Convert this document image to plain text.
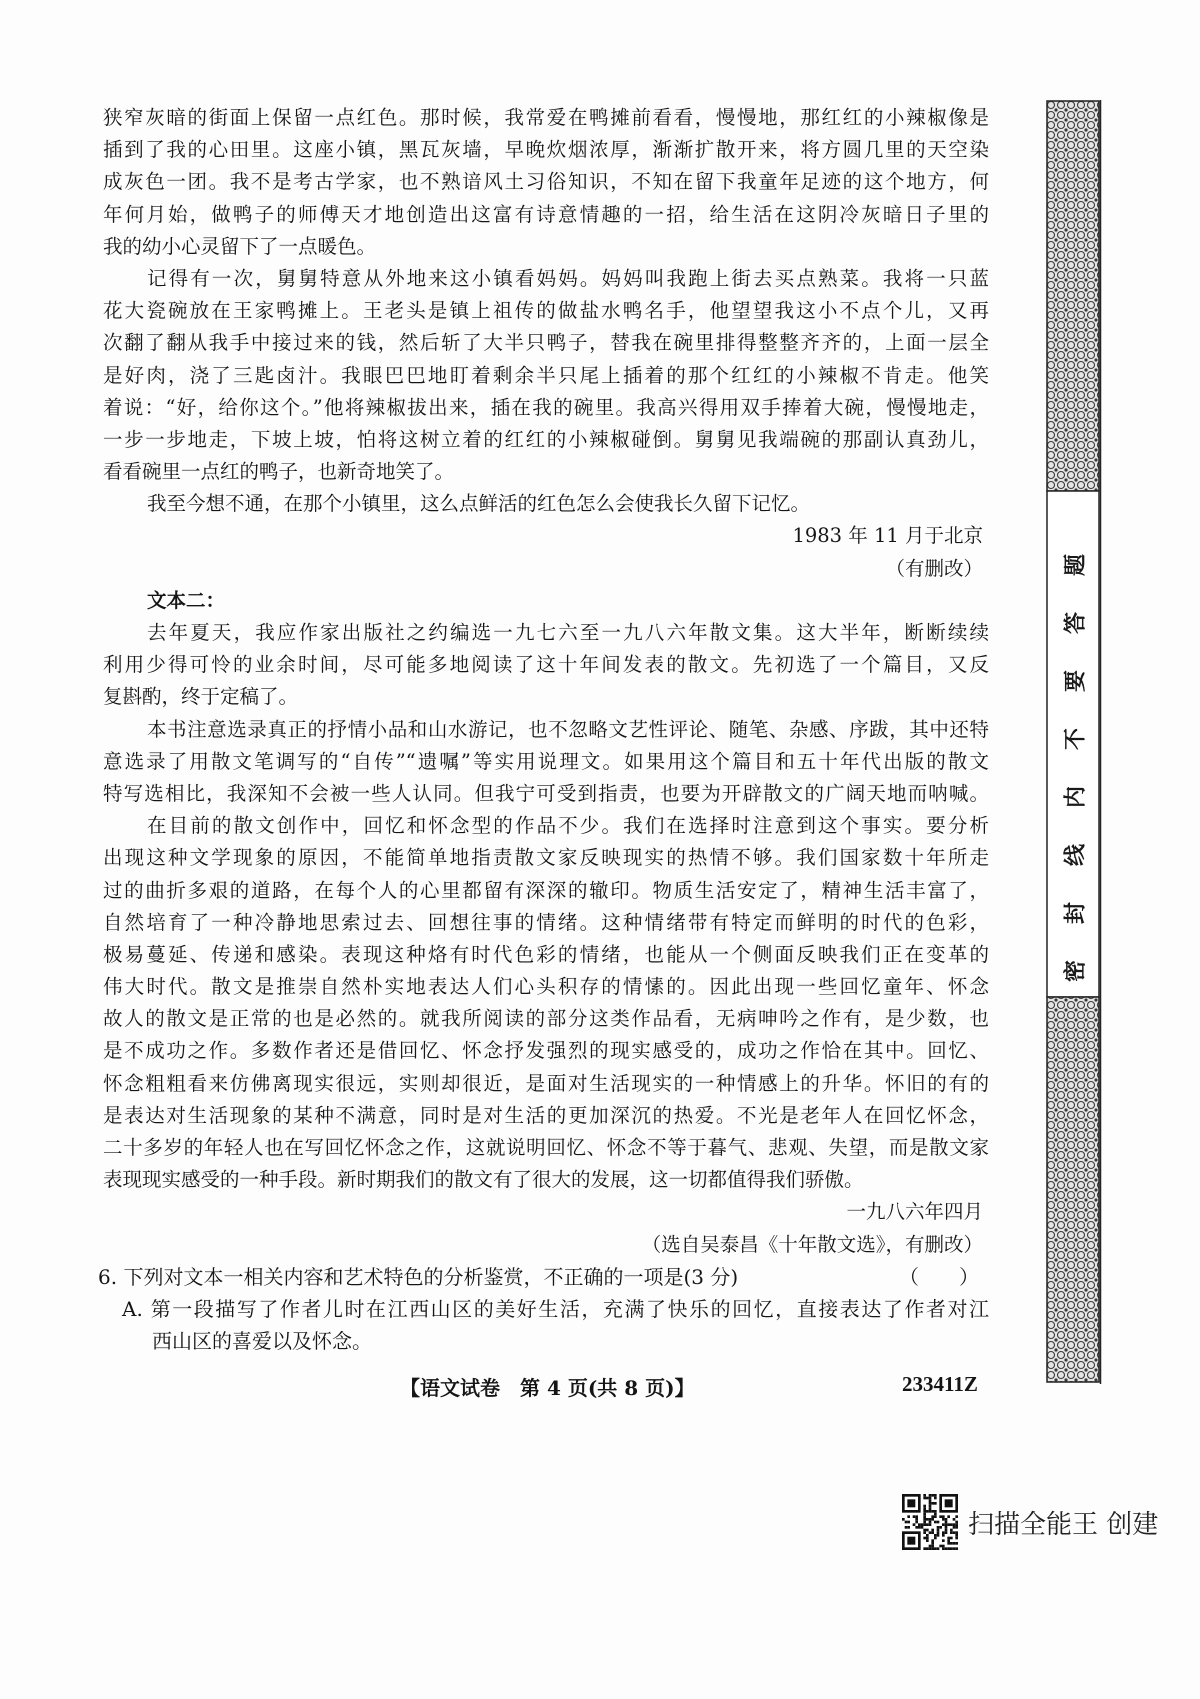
狭窄灰暗的街面上保留一点红色。那时候，我常爱在鸭摊前看看，慢慢地，那红红的小辣椒像是
插到了我的心田里。这座小镇，黑瓦灰墙，早晚炊烟浓厚，渐渐扩散开来，将方圆几里的天空染
成灰色一团。我不是考古学家，也不熟谙风土习俗知识，不知在留下我童年足迹的这个地方，何
年何月始，做鸭子的师傅天才地创造出这富有诗意情趣的一招，给生活在这阴冷灰暗日子里的
我的幼小心灵留下了一点暖色。
记得有一次，舅舅特意从外地来这小镇看妈妈。妈妈叫我跑上街去买点熟菜。我将一只蓝
花大瓷碗放在王家鸭摊上。王老头是镇上祖传的做盐水鸭名手，他望望我这小不点个儿，又再
次翻了翻从我手中接过来的钱，然后斩了大半只鸭子，替我在碗里排得整整齐齐的，上面一层全
是好肉，浇了三匙卤汁。我眼巴巴地盯着剩余半只尾上插着的那个红红的小辣椒不肯走。他笑
着说：“好，给你这个。”他将辣椒拔出来，插在我的碗里。我高兴得用双手捧着大碗，慢慢地走，
一步一步地走，下坡上坡，怕将这树立着的红红的小辣椒碰倒。舅舅见我端碗的那副认真劲儿，
看看碗里一点红的鸭子，也新奇地笑了。
我至今想不通，在那个小镇里，这么点鲜活的红色怎么会使我长久留下记忆。
1983 年 11 月于北京
（有删改）
文本二：
去年夏天，我应作家出版社之约编选一九七六至一九八六年散文集。这大半年，断断续续
利用少得可怜的业余时间，尽可能多地阅读了这十年间发表的散文。先初选了一个篇目，又反
复斟酌，终于定稿了。
本书注意选录真正的抒情小品和山水游记，也不忽略文艺性评论、随笔、杂感、序跋，其中还特
意选录了用散文笔调写的“自传”“遗嘱”等实用说理文。如果用这个篇目和五十年代出版的散文
特写选相比，我深知不会被一些人认同。但我宁可受到指责，也要为开辟散文的广阔天地而呐喊。
在目前的散文创作中，回忆和怀念型的作品不少。我们在选择时注意到这个事实。要分析
出现这种文学现象的原因，不能简单地指责散文家反映现实的热情不够。我们国家数十年所走
过的曲折多艰的道路，在每个人的心里都留有深深的辙印。物质生活安定了，精神生活丰富了，
自然培育了一种冷静地思索过去、回想往事的情绪。这种情绪带有特定而鲜明的时代的色彩，
极易蔓延、传递和感染。表现这种烙有时代色彩的情绪，也能从一个侧面反映我们正在变革的
伟大时代。散文是推崇自然朴实地表达人们心头积存的情愫的。因此出现一些回忆童年、怀念
故人的散文是正常的也是必然的。就我所阅读的部分这类作品看，无病呻吟之作有，是少数，也
是不成功之作。多数作者还是借回忆、怀念抒发强烈的现实感受的，成功之作恰在其中。回忆、
怀念粗粗看来仿佛离现实很远，实则却很近，是面对生活现实的一种情感上的升华。怀旧的有的
是表达对生活现象的某种不满意，同时是对生活的更加深沉的热爱。不光是老年人在回忆怀念，
二十多岁的年轻人也在写回忆怀念之作，这就说明回忆、怀念不等于暮气、悲观、失望，而是散文家
表现现实感受的一种手段。新时期我们的散文有了很大的发展，这一切都值得我们骄傲。
一九八六年四月
（选自吴泰昌《十年散文选》，有删改）
6. 下列对文本一相关内容和艺术特色的分析鉴赏，不正确的一项是(3 分)	（　　）
A. 第一段描写了作者儿时在江西山区的美好生活，充满了快乐的回忆，直接表达了作者对江
西山区的喜爱以及怀念。
【语文试卷　第 4 页(共 8 页)】	233411Z
密封线内不要答题
扫描全能王 创建
